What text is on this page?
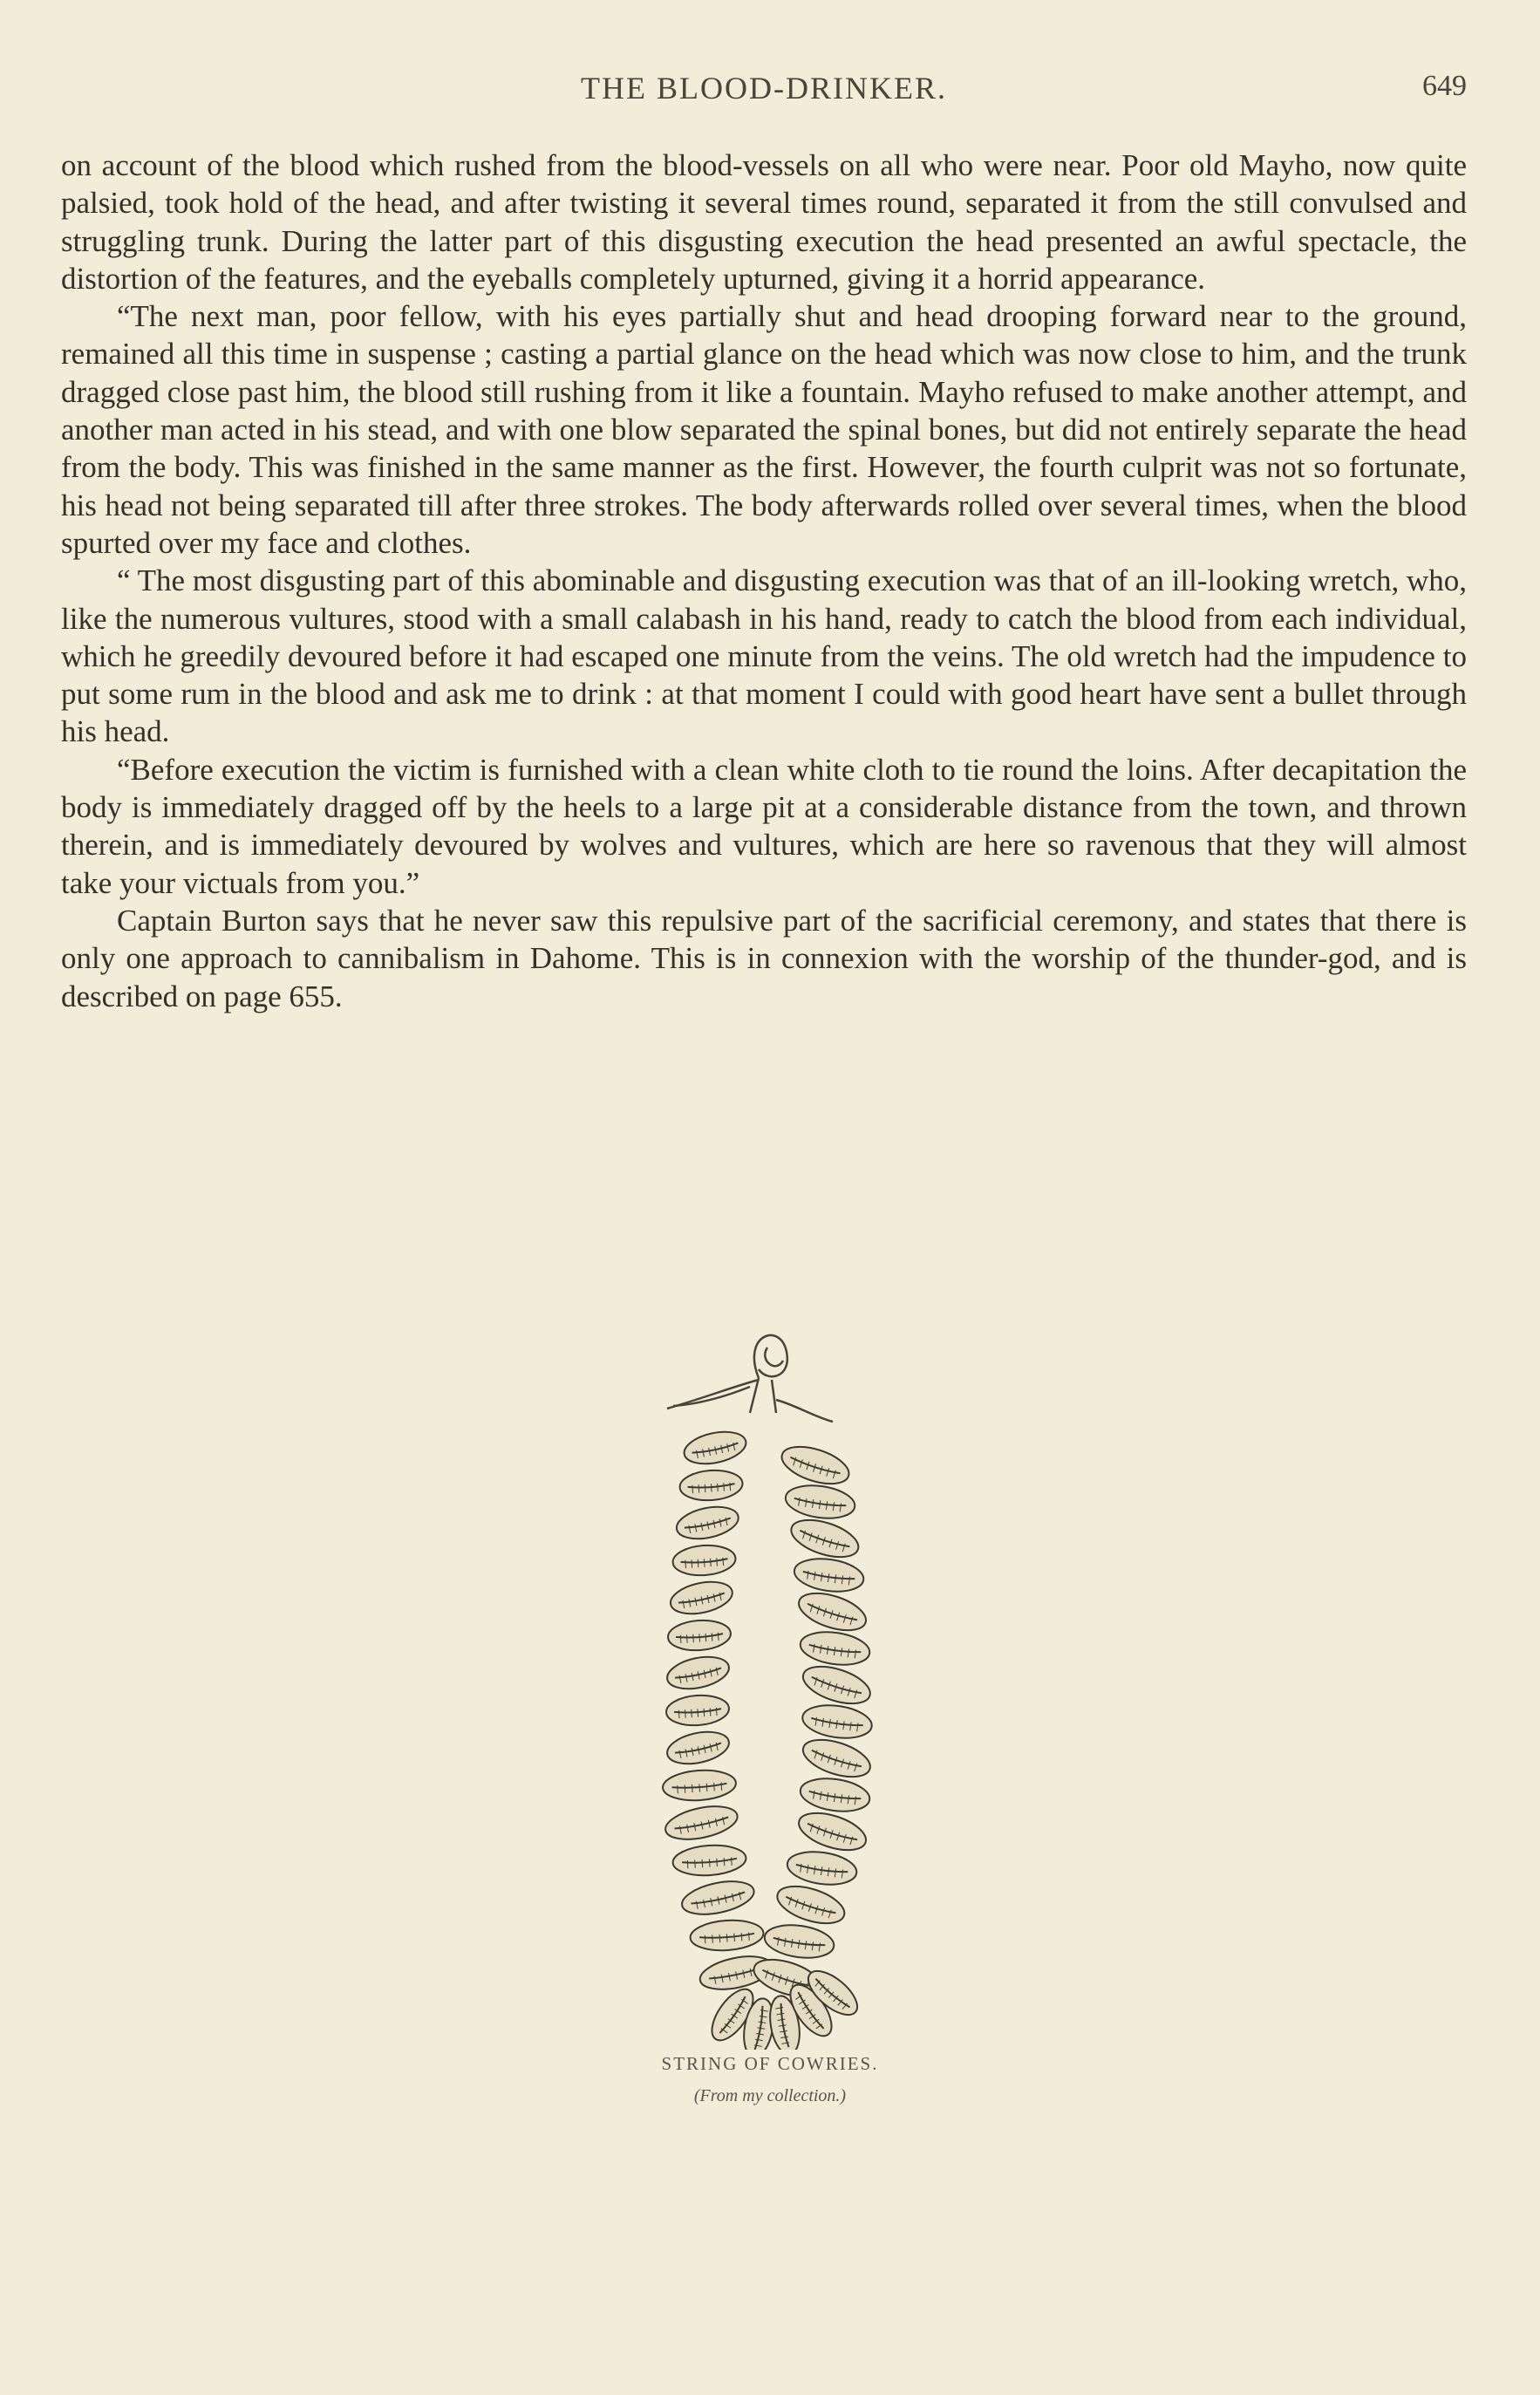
THE BLOOD-DRINKER.	649

on account of the blood which rushed from the blood-vessels on all who were near. Poor old Mayho, now quite palsied, took hold of the head, and after twisting it several times round, separated it from the still convulsed and struggling trunk. During the latter part of this disgusting execution the head presented an awful spectacle, the distortion of the features, and the eyeballs completely upturned, giving it a horrid appearance.

“The next man, poor fellow, with his eyes partially shut and head drooping forward near to the ground, remained all this time in suspense ; casting a partial glance on the head which was now close to him, and the trunk dragged close past him, the blood still rushing from it like a fountain. Mayho refused to make another attempt, and another man acted in his stead, and with one blow separated the spinal bones, but did not entirely separate the head from the body. This was finished in the same manner as the first. However, the fourth culprit was not so fortunate, his head not being separated till after three strokes. The body afterwards rolled over several times, when the blood spurted over my face and clothes.

“ The most disgusting part of this abominable and disgusting execution was that of an ill-looking wretch, who, like the numerous vultures, stood with a small calabash in his hand, ready to catch the blood from each individual, which he greedily devoured before it had escaped one minute from the veins. The old wretch had the impudence to put some rum in the blood and ask me to drink : at that moment I could with good heart have sent a bullet through his head.

“Before execution the victim is furnished with a clean white cloth to tie round the loins. After decapitation the body is immediately dragged off by the heels to a large pit at a considerable distance from the town, and thrown therein, and is immediately devoured by wolves and vultures, which are here so ravenous that they will almost take your victuals from you.”

Captain Burton says that he never saw this repulsive part of the sacrificial ceremony, and states that there is only one approach to cannibalism in Dahome. This is in connexion with the worship of the thunder-god, and is described on page 655.

STRING OF COWRIES.
(From my collection.)
